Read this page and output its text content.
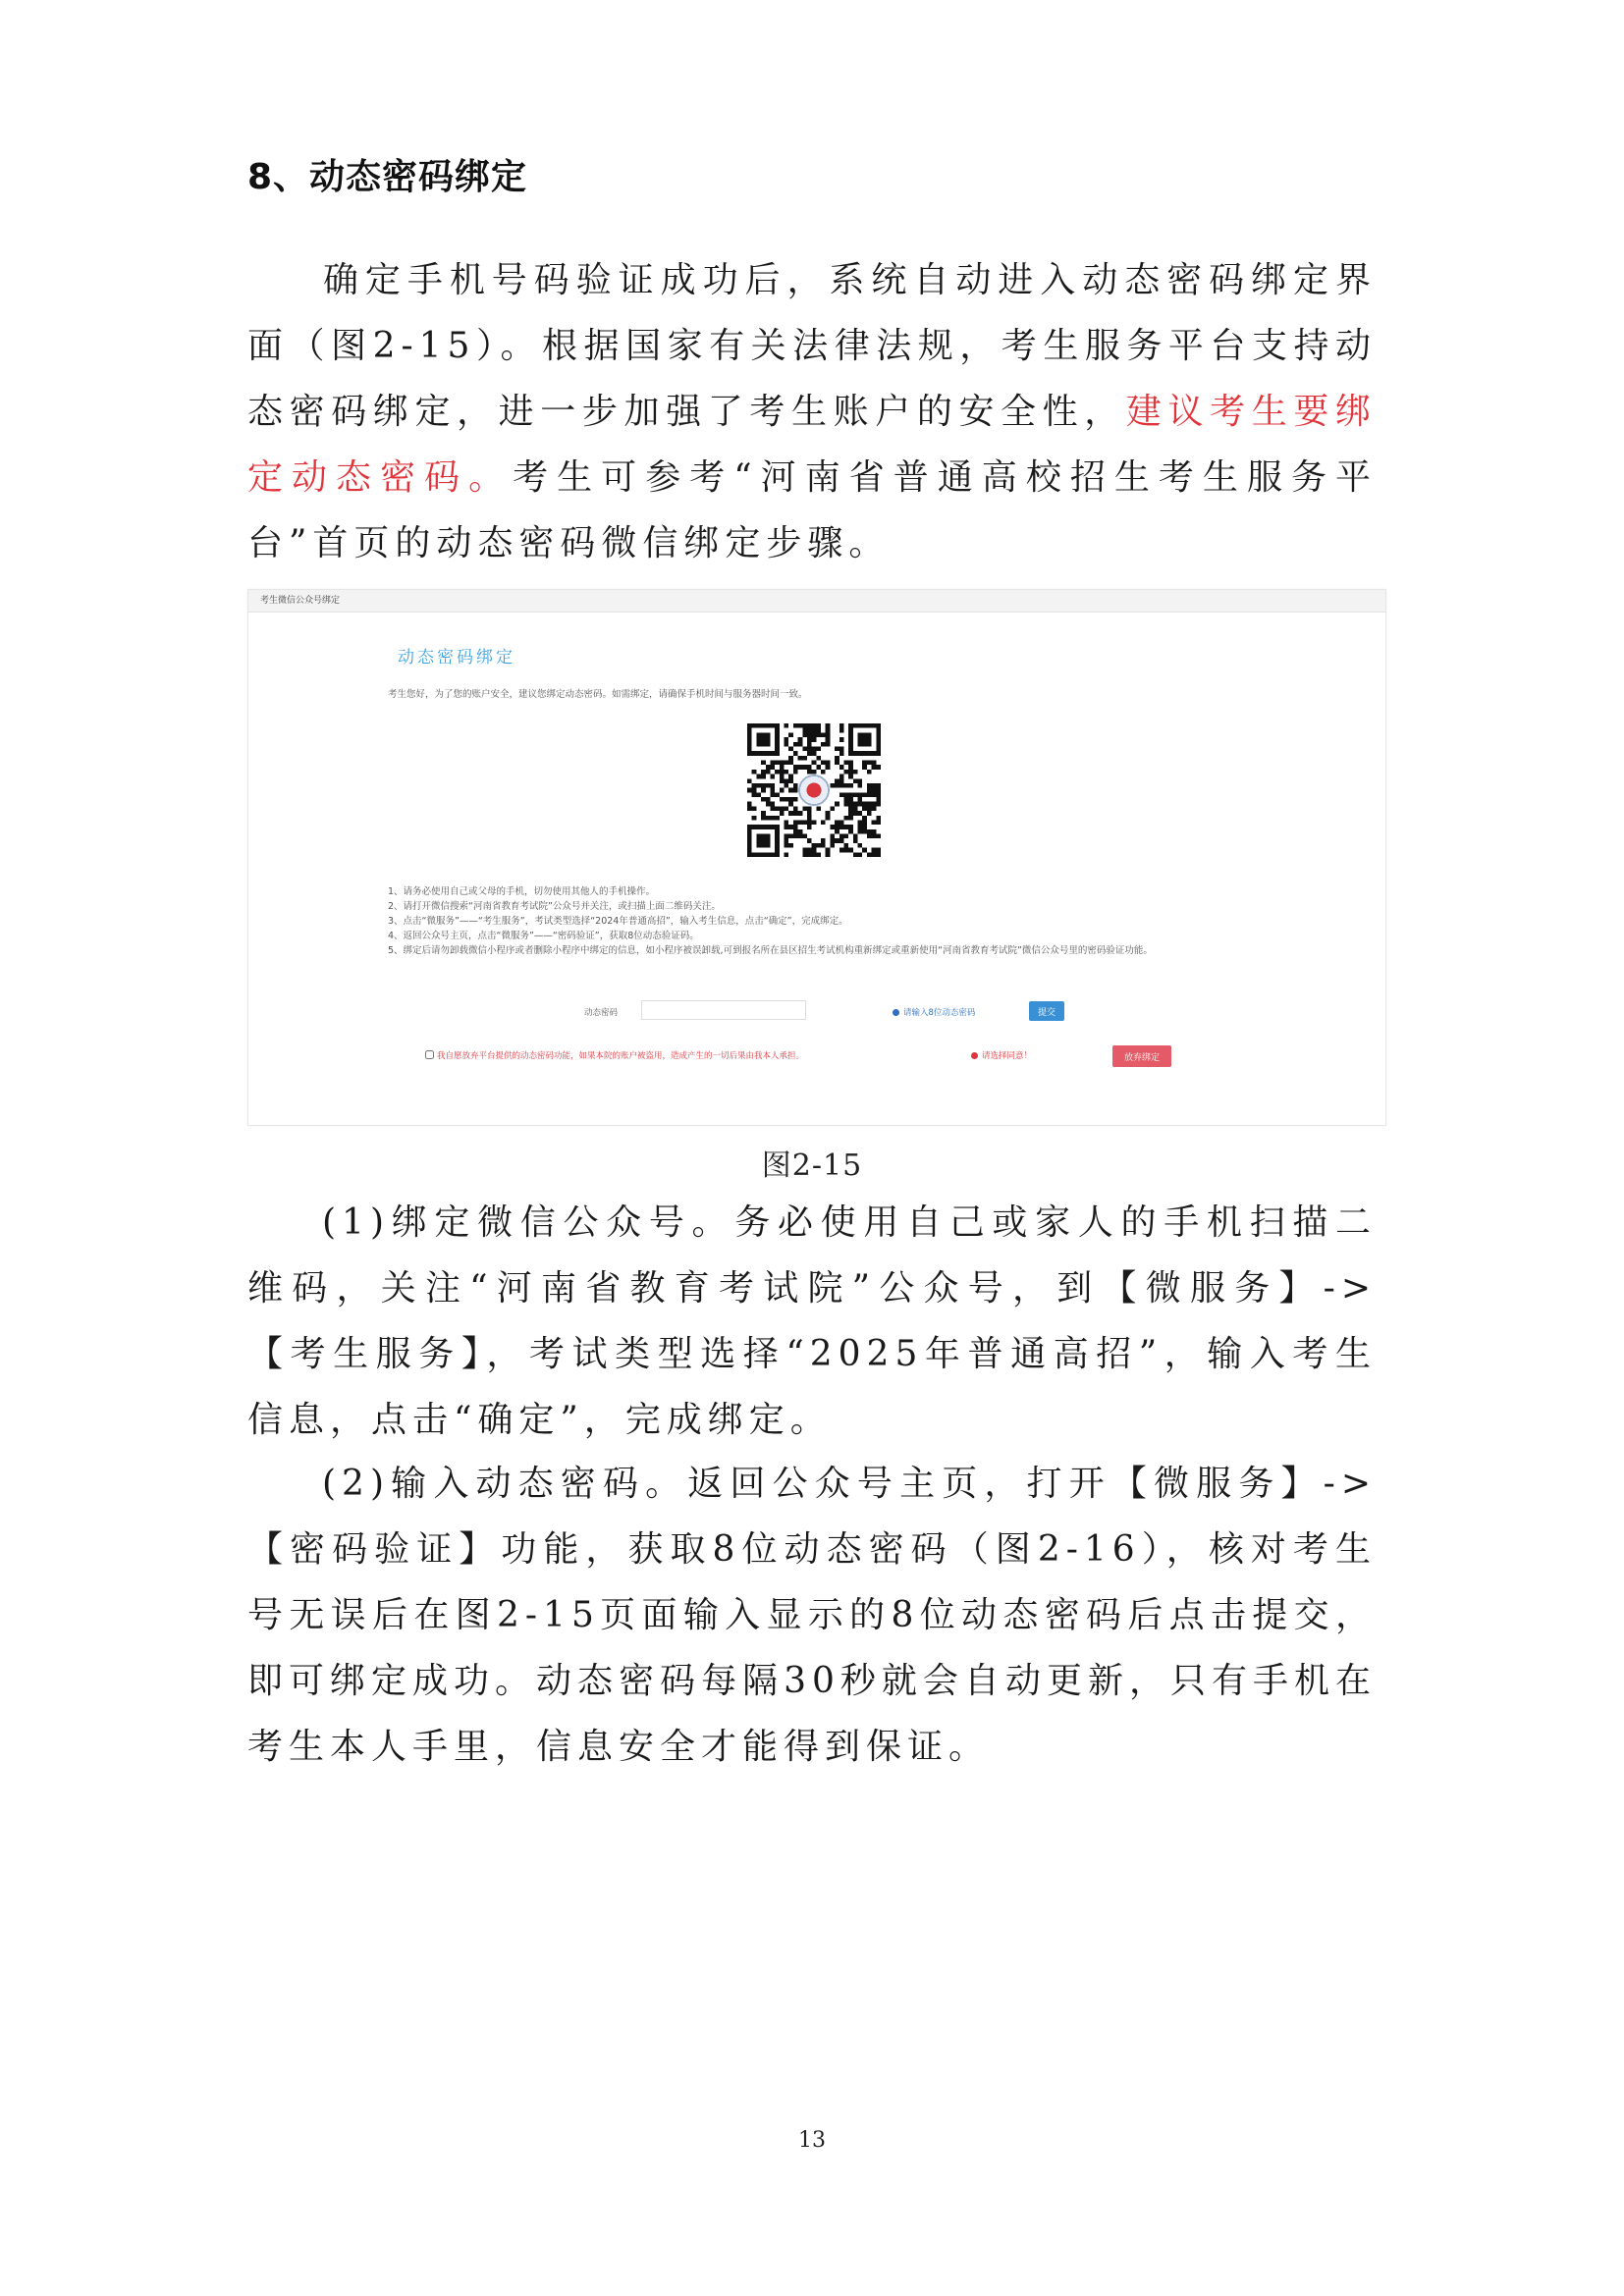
8、动态密码绑定
确定手机号码验证成功后，系统自动进入动态密码绑定界面（图2-15）。根据国家有关法律法规，考生服务平台支持动态密码绑定，进一步加强了考生账户的安全性，建议考生要绑定动态密码。考生可参考“河南省普通高校招生考生服务平台”首页的动态密码微信绑定步骤。
考生微信公众号绑定
动态密码绑定
考生您好，为了您的账户安全，建议您绑定动态密码。如需绑定，请确保手机时间与服务器时间一致。
1、请务必使用自己或父母的手机，切勿使用其他人的手机操作。
2、请打开微信搜索“河南省教育考试院”公众号并关注，或扫描上面二维码关注。
3、点击“微服务”——“考生服务”，考试类型选择“2024年普通高招”，输入考生信息，点击“确定”，完成绑定。
4、返回公众号主页，点击“微服务”——“密码验证”，获取8位动态验证码。
5、绑定后请勿卸载微信小程序或者删除小程序中绑定的信息，如小程序被误卸载,可到报名所在县区招生考试机构重新绑定或重新使用“河南省教育考试院”微信公众号里的密码验证功能。
动态密码	请输入8位动态密码	提交
我自愿放弃平台提供的动态密码功能，如果本院的账户被盗用，造成产生的一切后果由我本人承担。	请选择同意！	放弃绑定
图2-15
(1)绑定微信公众号。务必使用自己或家人的手机扫描二维码，关注“河南省教育考试院”公众号，到【微服务】->【考生服务】，考试类型选择“2025年普通高招”，输入考生信息，点击“确定”，完成绑定。
(2)输入动态密码。返回公众号主页，打开【微服务】->【密码验证】功能，获取8位动态密码（图2-16），核对考生号无误后在图2-15页面输入显示的8位动态密码后点击提交，即可绑定成功。动态密码每隔30秒就会自动更新，只有手机在考生本人手里，信息安全才能得到保证。
13
